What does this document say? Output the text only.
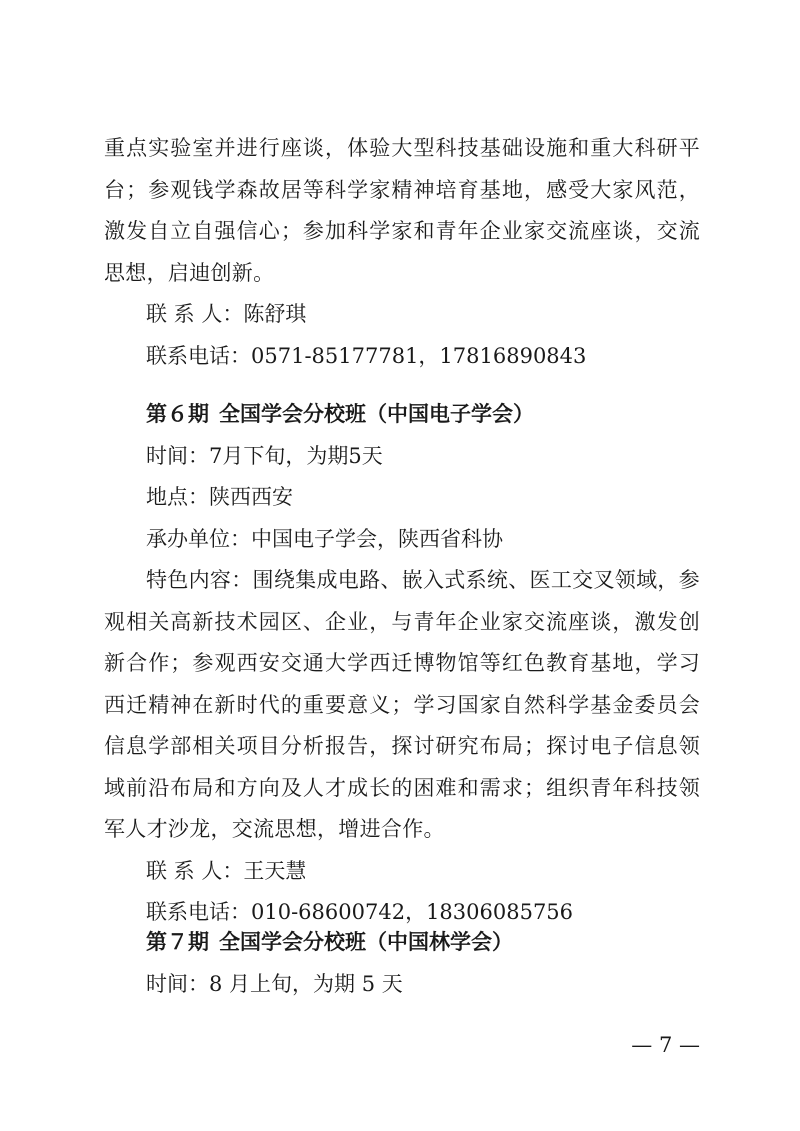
重点实验室并进行座谈，体验大型科技基础设施和重大科研平台；参观钱学森故居等科学家精神培育基地，感受大家风范，激发自立自强信心；参加科学家和青年企业家交流座谈，交流思想，启迪创新。
联 系 人：陈舒琪
联系电话：0571-85177781，17816890843
第６期 全国学会分校班（中国电子学会）
时间：7月下旬，为期5天
地点：陕西西安
承办单位：中国电子学会，陕西省科协
特色内容：围绕集成电路、嵌入式系统、医工交叉领域，参观相关高新技术园区、企业，与青年企业家交流座谈，激发创新合作；参观西安交通大学西迁博物馆等红色教育基地，学习西迁精神在新时代的重要意义；学习国家自然科学基金委员会信息学部相关项目分析报告，探讨研究布局；探讨电子信息领域前沿布局和方向及人才成长的困难和需求；组织青年科技领军人才沙龙，交流思想，增进合作。
联 系 人：王天慧
联系电话：010-68600742，18306085756
第７期 全国学会分校班（中国林学会）
时间：8 月上旬，为期 5 天
— 7 —
